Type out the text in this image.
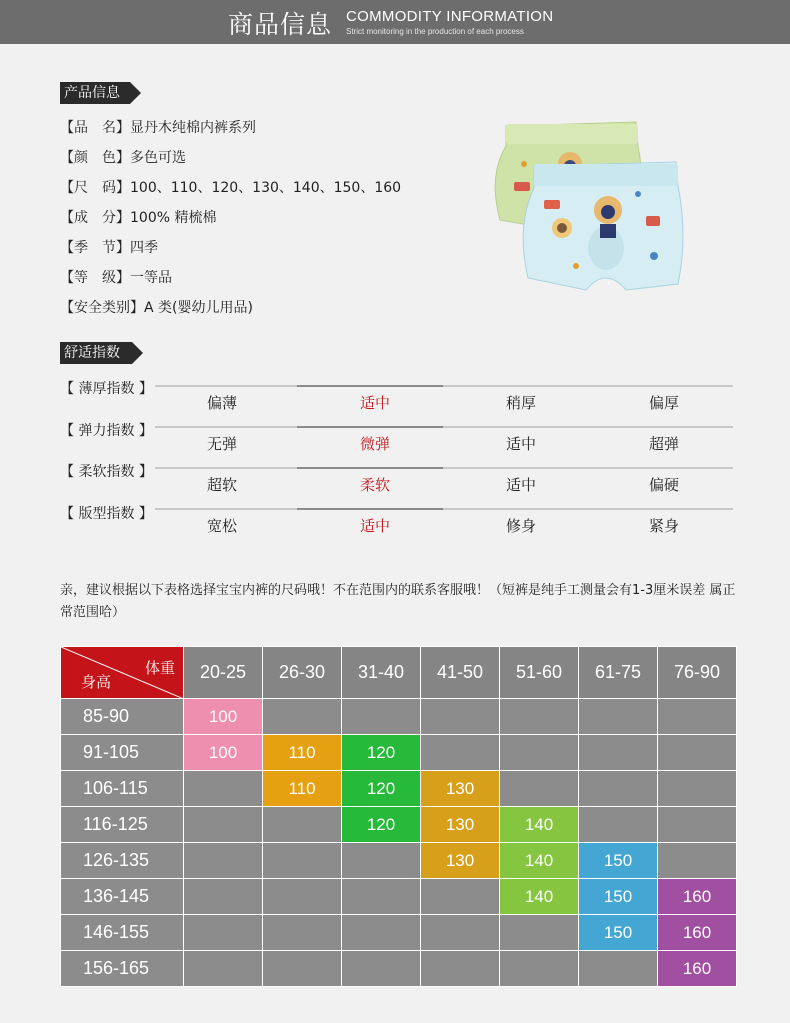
商品信息 COMMODITY INFORMATION
Strict monitoring in the production of each process
产品信息
【品　名】显丹木纯棉内裤系列
【颜　色】多色可选
【尺　码】100、110、120、130、140、150、160
【成　分】100% 精梳棉
【季　节】四季
【等　级】一等品
【安全类别】A 类(婴幼儿用品)
舒适指数
【 薄厚指数 】
偏薄	适中	稍厚	偏厚
【 弹力指数 】
无弹	微弹	适中	超弹
【 柔软指数 】
超软	柔软	适中	偏硬
【 版型指数 】
宽松	适中	修身	紧身
亲，建议根据以下表格选择宝宝内裤的尺码哦！不在范围内的联系客服哦！（短裤是纯手工测量会有1-3厘米误差 属正常范围哈）
体重
身高	20-25	26-30	31-40	41-50	51-60	61-75	76-90
85-90	100						
91-105	100	110	120				
106-115		110	120	130			
116-125			120	130	140		
126-135				130	140	150	
136-145					140	150	160
146-155						150	160
156-165							160
